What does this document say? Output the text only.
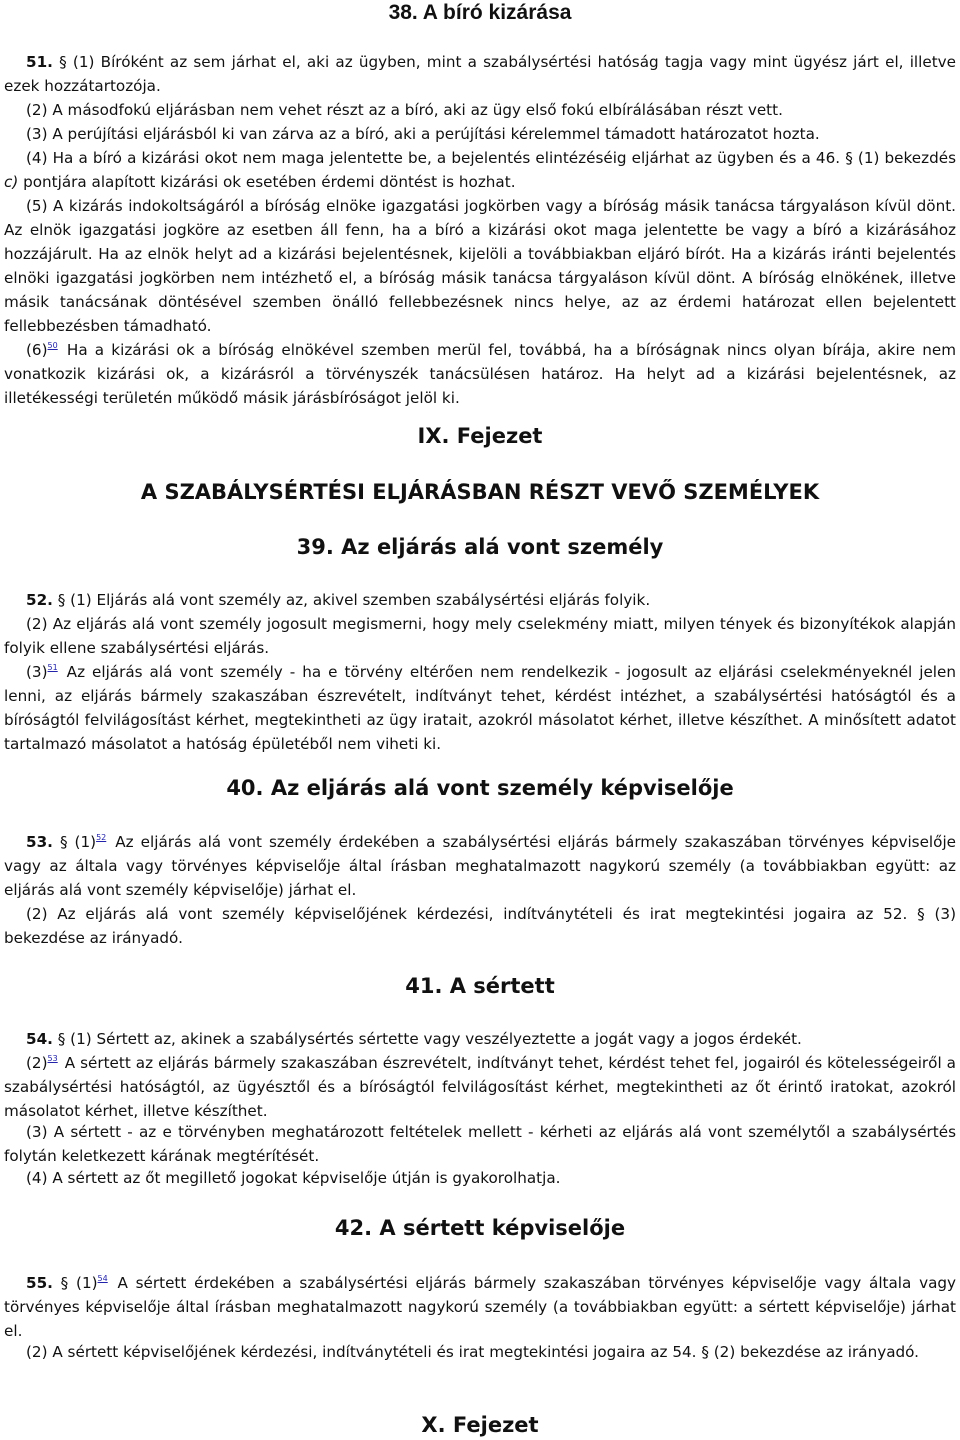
38. A bíró kizárása

51. § (1) Bíróként az sem járhat el, aki az ügyben, mint a szabálysértési hatóság tagja vagy mint ügyész járt el, illetve ezek hozzátartozója.

(2) A másodfokú eljárásban nem vehet részt az a bíró, aki az ügy első fokú elbírálásában részt vett.

(3) A perújítási eljárásból ki van zárva az a bíró, aki a perújítási kérelemmel támadott határozatot hozta.

(4) Ha a bíró a kizárási okot nem maga jelentette be, a bejelentés elintézéséig eljárhat az ügyben és a 46. § (1) bekezdés c) pontjára alapított kizárási ok esetében érdemi döntést is hozhat.

(5) A kizárás indokoltságáról a bíróság elnöke igazgatási jogkörben vagy a bíróság másik tanácsa tárgyaláson kívül dönt. Az elnök igazgatási jogköre az esetben áll fenn, ha a bíró a kizárási okot maga jelentette be vagy a bíró a kizárásához hozzájárult. Ha az elnök helyt ad a kizárási bejelentésnek, kijelöli a továbbiakban eljáró bírót. Ha a kizárás iránti bejelentés elnöki igazgatási jogkörben nem intézhető el, a bíróság másik tanácsa tárgyaláson kívül dönt. A bíróság elnökének, illetve másik tanácsának döntésével szemben önálló fellebbezésnek nincs helye, az az érdemi határozat ellen bejelentett fellebbezésben támadható.

$(6)^{50}$ Ha a kizárási ok a bíróság elnökével szemben merül fel, továbbá, ha a bíróságnak nincs olyan bírája, akire nem vonatkozik kizárási ok, a kizárásról a törvényszék tanácsülésen határoz. Ha helyt ad a kizárási bejelentésnek, az illetékességi területén működő másik járásbíróságot jelöl ki.

IX. Fejezet
A SZABÁLYSÉRTÉSI ELJÁRÁSBAN RÉSZT VEVŐ SZEMÉLYEK
39. Az eljárás alá vont személy

52. § (1) Eljárás alá vont személy az, akivel szemben szabálysértési eljárás folyik.

(2) Az eljárás alá vont személy jogosult megismerni, hogy mely cselekmény miatt, milyen tények és bizonyítékok alapján folyik ellene szabálysértési eljárás.

$(3)^{51}$ Az eljárás alá vont személy - ha e törvény eltérően nem rendelkezik - jogosult az eljárási cselekményeknél jelen lenni, az eljárás bármely szakaszában észrevételt, indítványt tehet, kérdést intézhet, a szabálysértési hatóságtól és a bíróságtól felvilágosítást kérhet, megtekintheti az ügy iratait, azokról másolatot kérhet, illetve készíthet. A minősített adatot tartalmazó másolatot a hatóság épületéből nem viheti ki.

40. Az eljárás alá vont személy képviselője

53. § $(1)^{52}$ Az eljárás alá vont személy érdekében a szabálysértési eljárás bármely szakaszában törvényes képviselője vagy az általa vagy törvényes képviselője által írásban meghatalmazott nagykorú személy (a továbbiakban együtt: az eljárás alá vont személy képviselője) járhat el.

(2) Az eljárás alá vont személy képviselőjének kérdezési, indítványtételi és irat megtekintési jogaira az 52. § (3) bekezdése az irányadó.

41. A sértett

54. § (1) Sértett az, akinek a szabálysértés sértette vagy veszélyeztette a jogát vagy a jogos érdekét.

$(2)^{53}$ A sértett az eljárás bármely szakaszában észrevételt, indítványt tehet, kérdést tehet fel, jogairól és kötelességeiről a szabálysértési hatóságtól, az ügyésztől és a bíróságtól felvilágosítást kérhet, megtekintheti az őt érintő iratokat, azokról másolatot kérhet, illetve készíthet.

(3) A sértett - az e törvényben meghatározott feltételek mellett - kérheti az eljárás alá vont személytől a szabálysértés folytán keletkezett kárának megtérítését.

(4) A sértett az őt megillető jogokat képviselője útján is gyakorolhatja.

42. A sértett képviselője

55. § $(1)^{54}$ A sértett érdekében a szabálysértési eljárás bármely szakaszában törvényes képviselője vagy általa vagy törvényes képviselője által írásban meghatalmazott nagykorú személy (a továbbiakban együtt: a sértett képviselője) járhat el.

(2) A sértett képviselőjének kérdezési, indítványtételi és irat megtekintési jogaira az 54. § (2) bekezdése az irányadó.

X. Fejezet
